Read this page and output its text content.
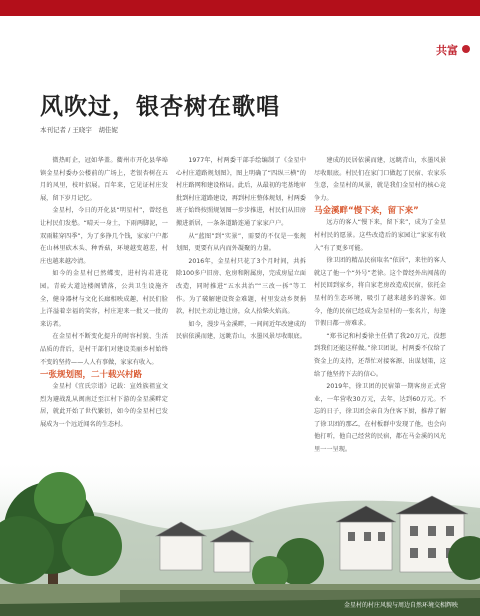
共富
风吹过，银杏树在歌唱
本刊记者 / 王晓宇　胡佳妮

微热町企，冠如华盖。衢州市开化县华埠镇金星村委办公楼前的广场上，老银杏树在五月的风里，枝叶招展。百年来，它见证村庄发展，留下岁月记忆。

金星村，今日的开化县“明星村”，曾经也让村民们发愁。“晴天一身土，下雨两脚泥，一双雨鞋穿四季”，为了多挣几个钱，家家户户都在山林里砍木头、种香菇，环境越变越差，村庄也越来越冷清。

如今的金星村已然蝶变，进村沟若进花园。青砖大道边楼阁错落，公共卫生设施齐全，健身器材与文化长廊相映成趣，村民们脸上洋溢着幸福的笑容，村庄迎来一批又一批的来访者。

在金星村不断变化提升的时容村貌、生活品质的背后，是村干部们对建设美丽乡村始终不变的坚持——人人有事做，家家有收入。

一张规划图，二十载兴村路

金星村《宜氏宗谱》记载：宣姓族祖宣文烈为避战乱从闽南迁至江村下游的金星溪畔定居，就此开始了世代繁衍，如今的金星村已发展成为一个远近闻名的生态村。

1977年，村两委干部手绘编制了《金星中心村庄道路规划图》，图上明确了“四纵三横”的村庄路网和建设格局。此后，从最初的宅基地审批到村庄道路建设，再到村庄整体规划，村两委班子始终按照规划图一步步推进，村民们从旧房搬进新居，一条条道路连通了家家户户。

从“蓝图”到“实景”，需要的不仅是一张规划图，更要有从内而外凝聚的力量。

2016年，金星村只花了3个月时间，共拆除100多户旧房、危房和附属房，完成房屋立面改造，同时推进“五水共治”“三改一拆”等工作。为了破解建设资金难题，村里发动乡贤捐款，村民主动让地让房，众人拾柴火焰高。

如今，漫步马金溪畔，一间间近年改建成的民宿依溪而建，远眺青山，水墨风景尽收眼底。

建成的民居依溪而建，远眺青山，水墨风景尽收眼底。村民们在家门口做起了民宿、农家乐生意，金星村的风景，就是我们金星村的核心竞争力。

马金溪畔“慢下来，留下来”

远方的客人“慢下来，留下来”，成为了金星村村民的愿景。这些改造后的家园让“家家有收入”有了更多可能。

徐卫团的精品民宿取名“依居”，来往的客人就这了他一个“外号”老徐。这个曾经外出闯荡的村民回到家乡，将自家老房改造成民宿，依托金星村的生态环境，吸引了越来越多的游客。如今，他的民宿已经成为金星村的一张名片，每逢节假日都一房难求。

“郑书记和村委徐主任借了我20万元，没想到我们还能这样做。”徐卫团说，村两委不仅给了资金上的支持，还帮忙对接客源、出谋划策，这给了他坚持下去的信心。

2019年，徐卫团的民宿第一期客房正式营业，一年营收30万元，去年，达到60万元。不忘的日子，徐卫团会亲自为住客下厨，推荐了解了徐卫团的那乙，在村板群中发现了他，也会向他打听，他自己经营的民宿，都在马金溪的风光里一一呈现。

金星村的村庄风貌与周边自然环境交相辉映
